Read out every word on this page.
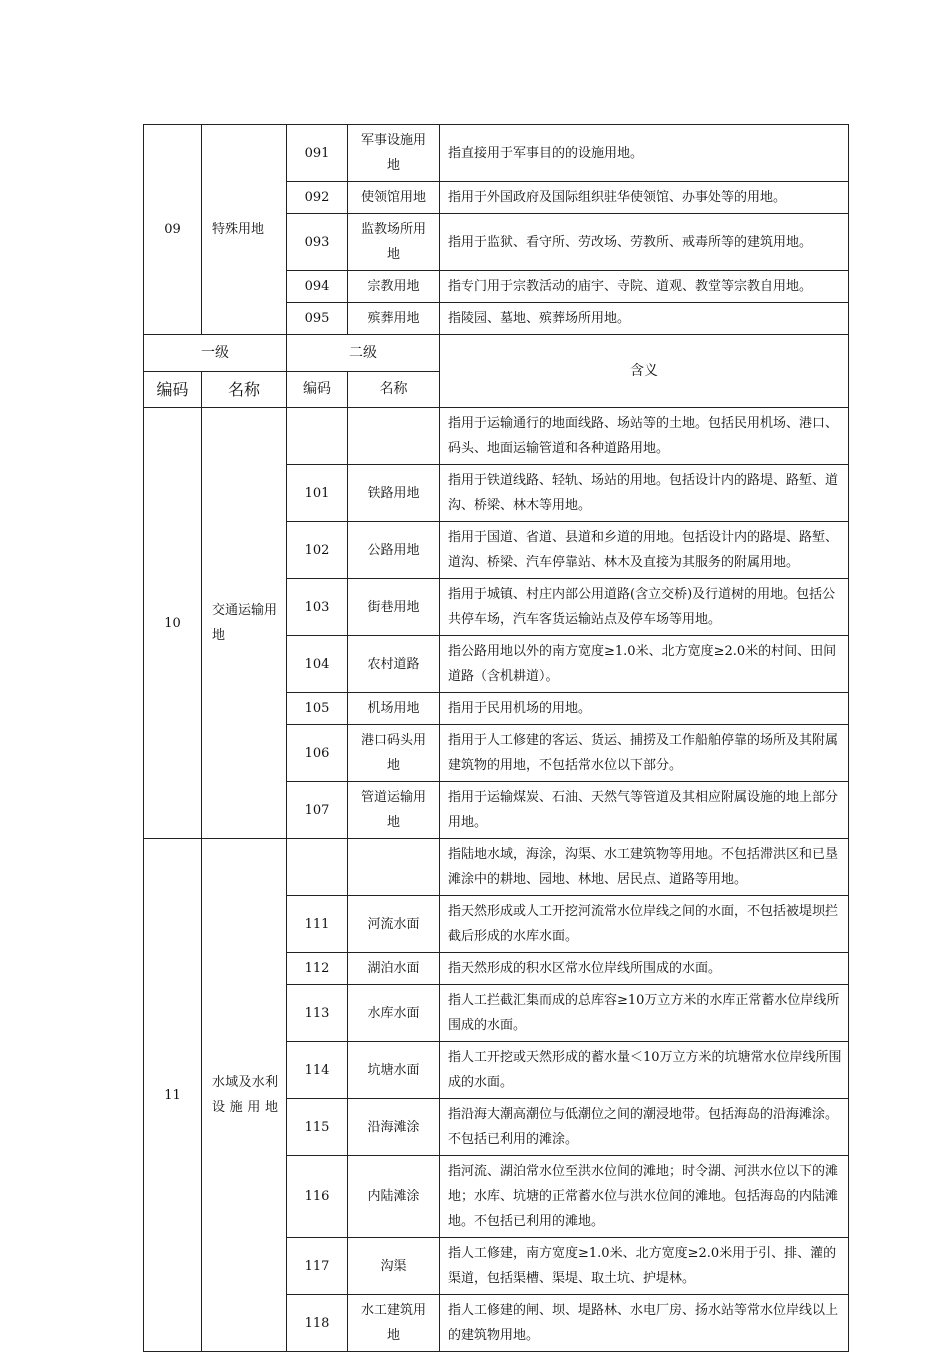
09	特殊用地	091	军事设施用地	指直接用于军事目的的设施用地。
		092	使领馆用地	指用于外国政府及国际组织驻华使领馆、办事处等的用地。
		093	监教场所用地	指用于监狱、看守所、劳改场、劳教所、戒毒所等的建筑用地。
		094	宗教用地	指专门用于宗教活动的庙宇、寺院、道观、教堂等宗教自用地。
		095	殡葬用地	指陵园、墓地、殡葬场所用地。
一级		二级		含义
编码	名称	编码	名称	
10	交通运输用地			指用于运输通行的地面线路、场站等的土地。包括民用机场、港口、码头、地面运输管道和各种道路用地。
		101	铁路用地	指用于铁道线路、轻轨、场站的用地。包括设计内的路堤、路堑、道沟、桥梁、林木等用地。
		102	公路用地	指用于国道、省道、县道和乡道的用地。包括设计内的路堤、路堑、道沟、桥梁、汽车停靠站、林木及直接为其服务的附属用地。
		103	街巷用地	指用于城镇、村庄内部公用道路(含立交桥)及行道树的用地。包括公共停车场，汽车客货运输站点及停车场等用地。
		104	农村道路	指公路用地以外的南方宽度≥1.0米、北方宽度≥2.0米的村间、田间道路（含机耕道）。
		105	机场用地	指用于民用机场的用地。
		106	港口码头用地	指用于人工修建的客运、货运、捕捞及工作船舶停靠的场所及其附属建筑物的用地，不包括常水位以下部分。
		107	管道运输用地	指用于运输煤炭、石油、天然气等管道及其相应附属设施的地上部分用地。
11	水域及水利设施用地			指陆地水域，海涂，沟渠、水工建筑物等用地。不包括滞洪区和已垦滩涂中的耕地、园地、林地、居民点、道路等用地。
		111	河流水面	指天然形成或人工开挖河流常水位岸线之间的水面，不包括被堤坝拦截后形成的水库水面。
		112	湖泊水面	指天然形成的积水区常水位岸线所围成的水面。
		113	水库水面	指人工拦截汇集而成的总库容≥10万立方米的水库正常蓄水位岸线所围成的水面。
		114	坑塘水面	指人工开挖或天然形成的蓄水量＜10万立方米的坑塘常水位岸线所围成的水面。
		115	沿海滩涂	指沿海大潮高潮位与低潮位之间的潮浸地带。包括海岛的沿海滩涂。不包括已利用的滩涂。
		116	内陆滩涂	指河流、湖泊常水位至洪水位间的滩地；时令湖、河洪水位以下的滩地；水库、坑塘的正常蓄水位与洪水位间的滩地。包括海岛的内陆滩地。不包括已利用的滩地。
		117	沟渠	指人工修建，南方宽度≥1.0米、北方宽度≥2.0米用于引、排、灌的渠道，包括渠槽、渠堤、取土坑、护堤林。
		118	水工建筑用地	指人工修建的闸、坝、堤路林、水电厂房、扬水站等常水位岸线以上的建筑物用地。
